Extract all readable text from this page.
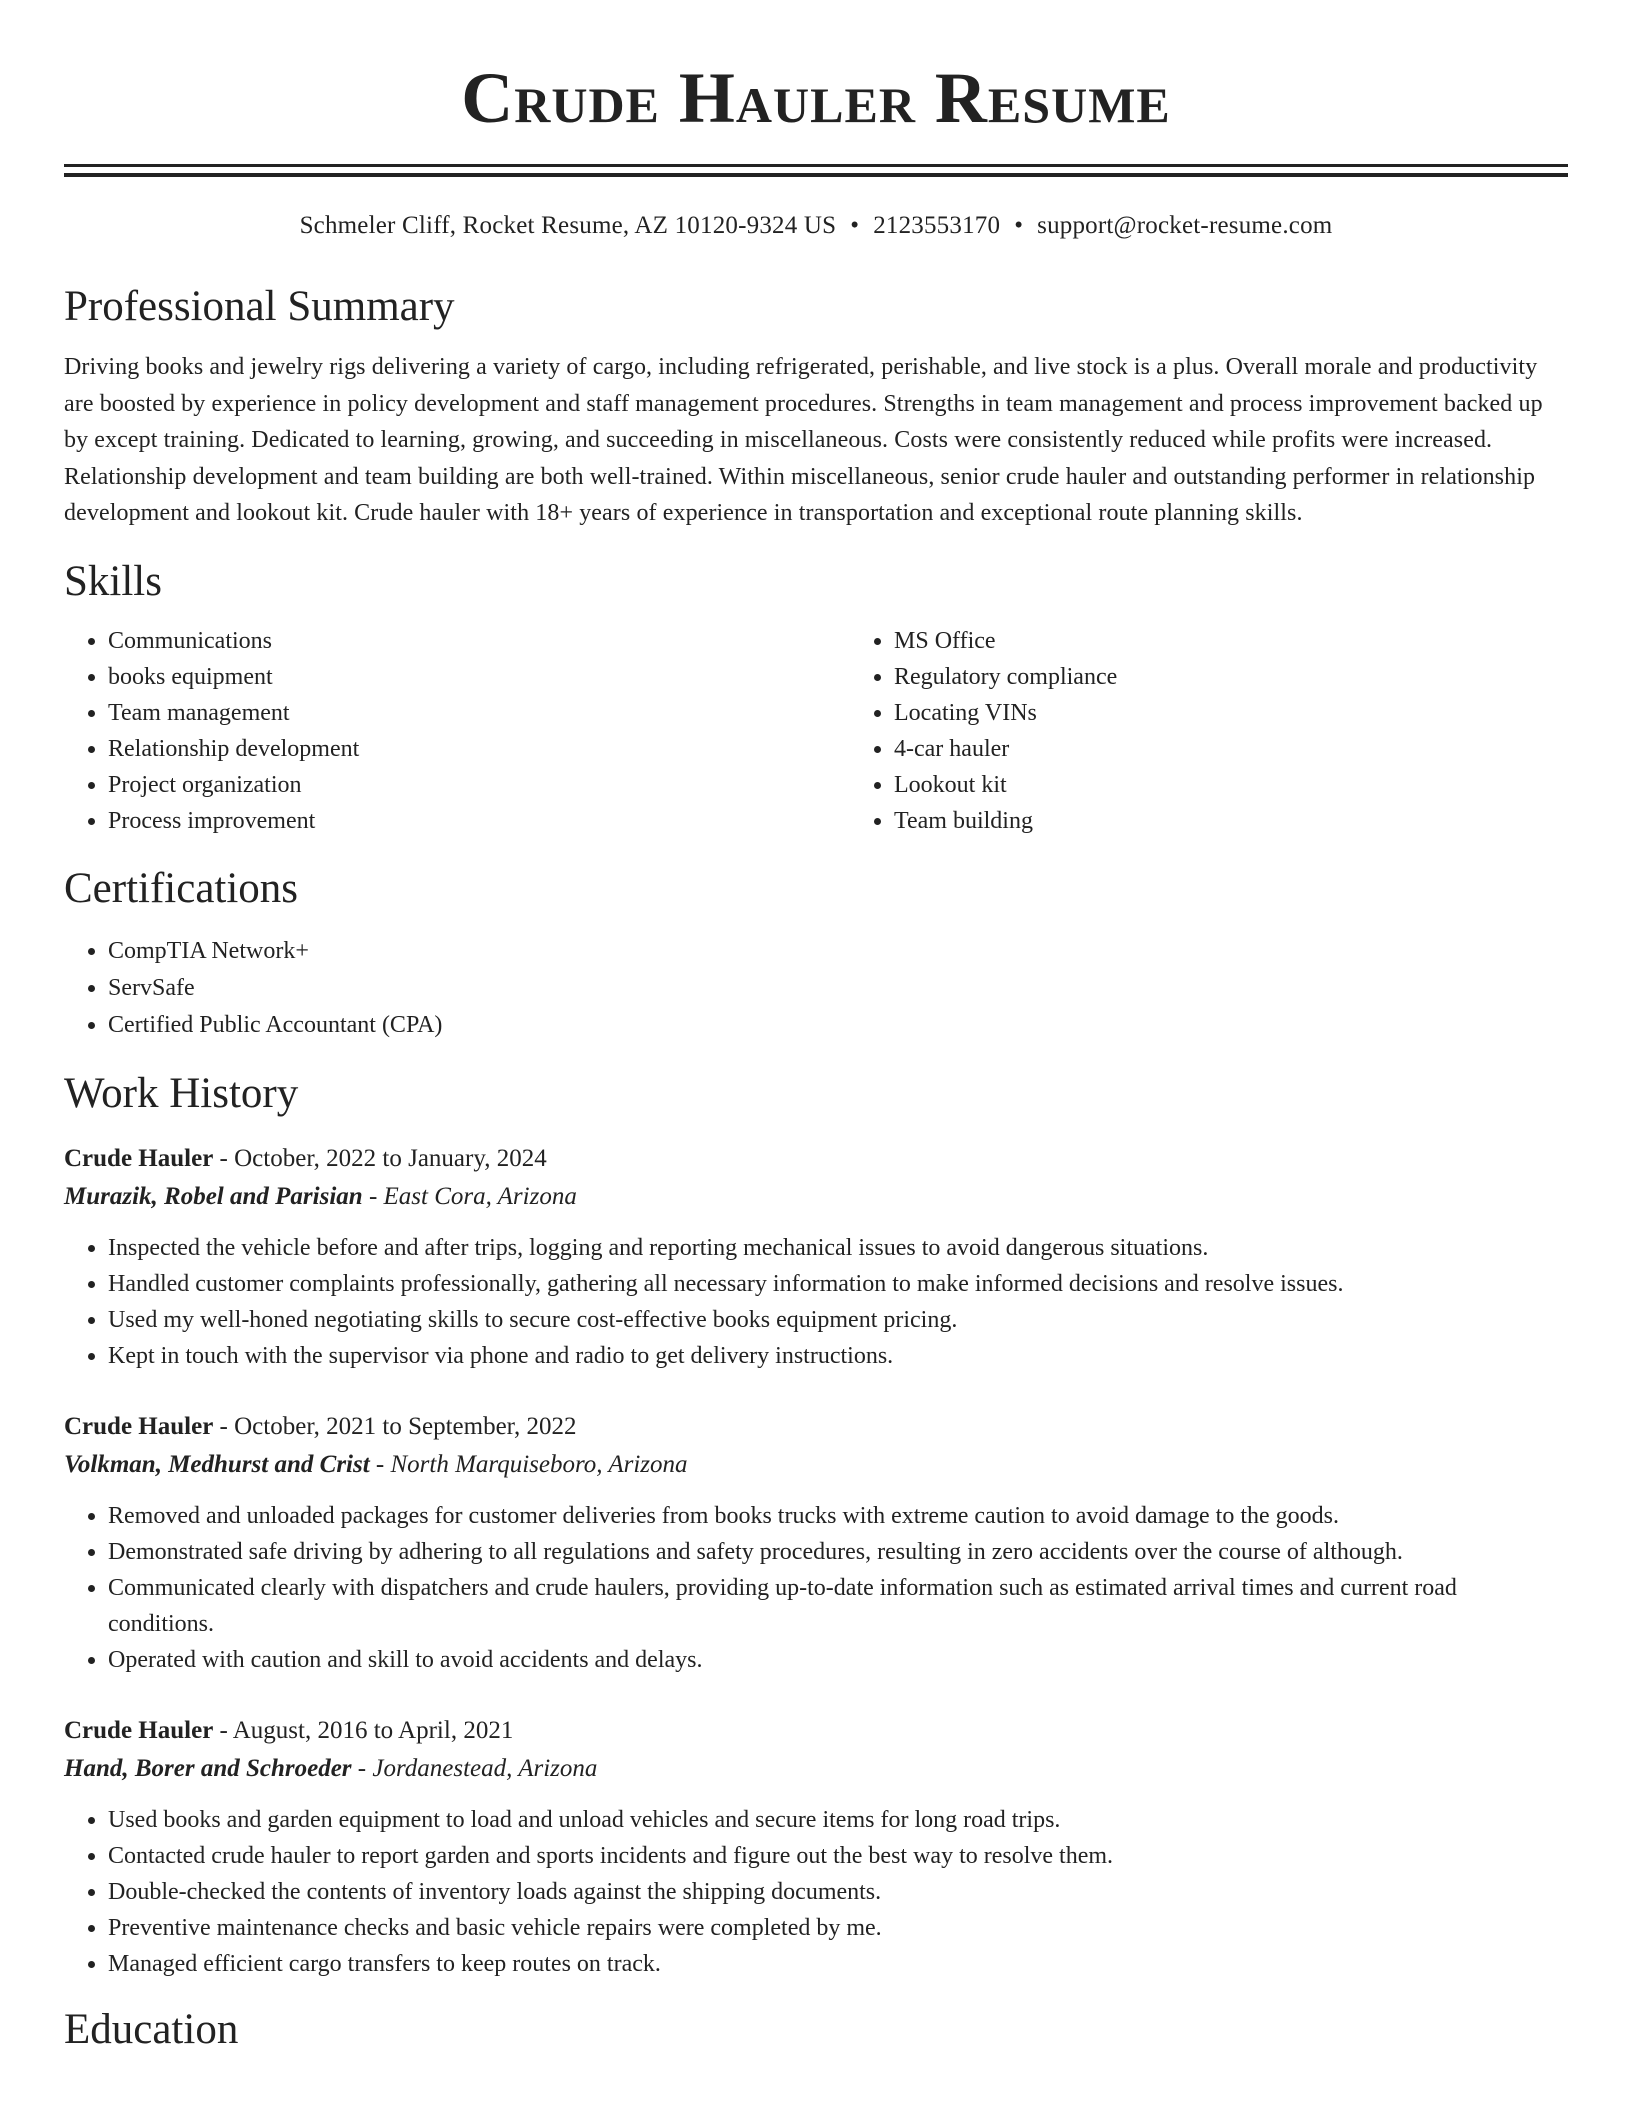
Crude Hauler Resume
Schmeler Cliff, Rocket Resume, AZ 10120-9324 US • 2123553170 • support@rocket-resume.com
Professional Summary

Driving books and jewelry rigs delivering a variety of cargo, including refrigerated, perishable, and live stock is a plus. Overall morale and productivity are boosted by experience in policy development and staff management procedures. Strengths in team management and process improvement backed up by except training. Dedicated to learning, growing, and succeeding in miscellaneous. Costs were consistently reduced while profits were increased. Relationship development and team building are both well-trained. Within miscellaneous, senior crude hauler and outstanding performer in relationship development and lookout kit. Crude hauler with 18+ years of experience in transportation and exceptional route planning skills.

Skills
• Communications
• books equipment
• Team management
• Relationship development
• Project organization
• Process improvement
• MS Office
• Regulatory compliance
• Locating VINs
• 4-car hauler
• Lookout kit
• Team building
Certifications
• CompTIA Network+
• ServSafe
• Certified Public Accountant (CPA)
Work History
Crude Hauler - October, 2022 to January, 2024
Murazik, Robel and Parisian - East Cora, Arizona
• Inspected the vehicle before and after trips, logging and reporting mechanical issues to avoid dangerous situations.
• Handled customer complaints professionally, gathering all necessary information to make informed decisions and resolve issues.
• Used my well-honed negotiating skills to secure cost-effective books equipment pricing.
• Kept in touch with the supervisor via phone and radio to get delivery instructions.
Crude Hauler - October, 2021 to September, 2022
Volkman, Medhurst and Crist - North Marquiseboro, Arizona
• Removed and unloaded packages for customer deliveries from books trucks with extreme caution to avoid damage to the goods.
• Demonstrated safe driving by adhering to all regulations and safety procedures, resulting in zero accidents over the course of although.
• Communicated clearly with dispatchers and crude haulers, providing up-to-date information such as estimated arrival times and current road conditions.
• Operated with caution and skill to avoid accidents and delays.
Crude Hauler - August, 2016 to April, 2021
Hand, Borer and Schroeder - Jordanestead, Arizona
• Used books and garden equipment to load and unload vehicles and secure items for long road trips.
• Contacted crude hauler to report garden and sports incidents and figure out the best way to resolve them.
• Double-checked the contents of inventory loads against the shipping documents.
• Preventive maintenance checks and basic vehicle repairs were completed by me.
• Managed efficient cargo transfers to keep routes on track.
Education
